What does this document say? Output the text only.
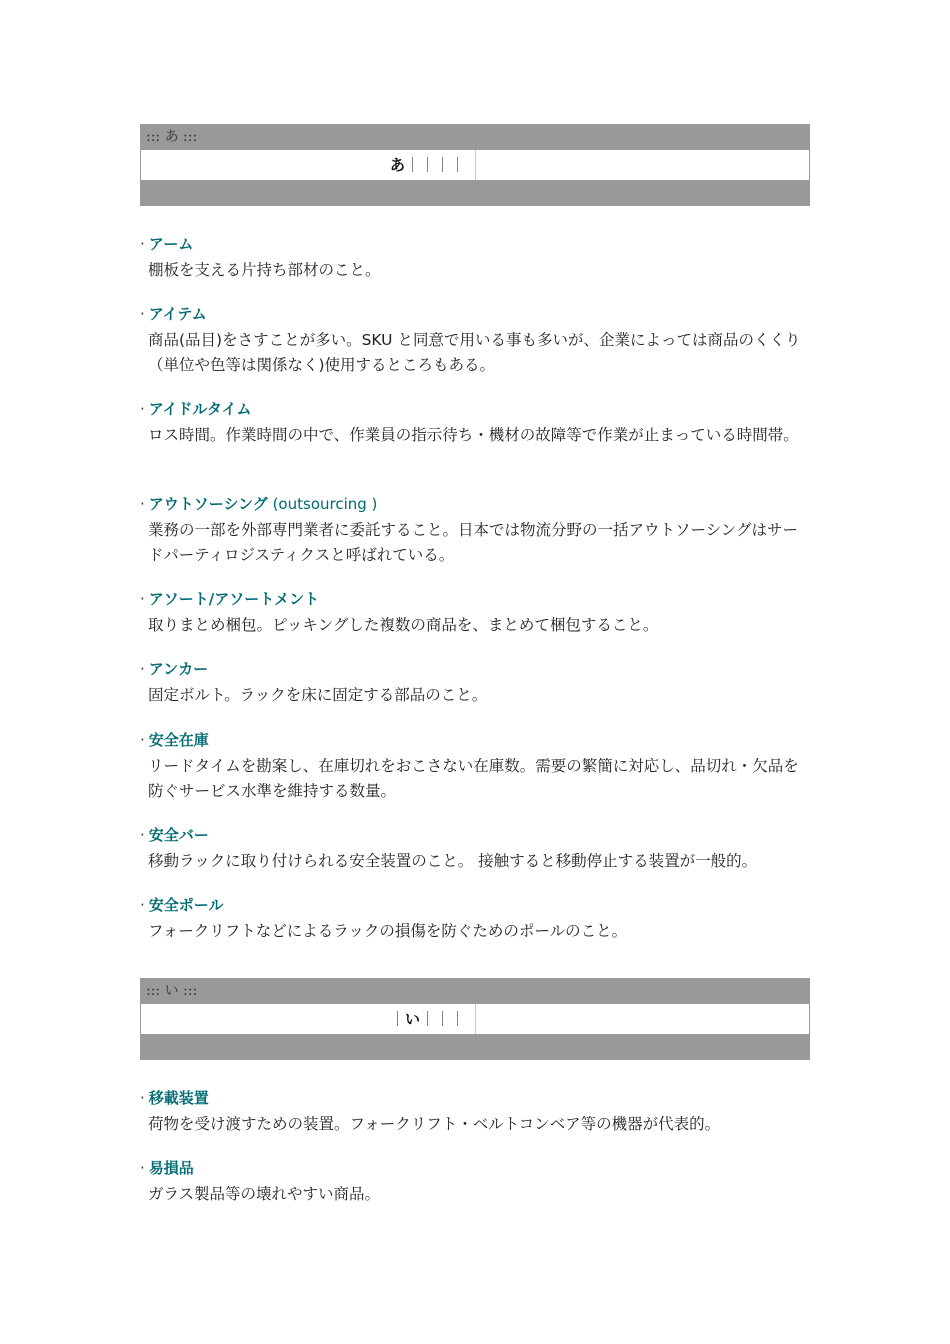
::: あ :::
あ｜｜｜｜
· アーム
棚板を支える片持ち部材のこと。
· アイテム
商品(品目)をさすことが多い。SKU と同意で用いる事も多いが、企業によっては商品のくくり（単位や色等は関係なく)使用するところもある。
· アイドルタイム
ロス時間。作業時間の中で、作業員の指示待ち・機材の故障等で作業が止まっている時間帯。
· アウトソーシング (outsourcing )
業務の一部を外部専門業者に委託すること。日本では物流分野の一括アウトソーシングはサードパーティロジスティクスと呼ばれている。
· アソート/アソートメント
取りまとめ梱包。ピッキングした複数の商品を、まとめて梱包すること。
· アンカー
固定ボルト。ラックを床に固定する部品のこと。
· 安全在庫
リードタイムを勘案し、在庫切れをおこさない在庫数。需要の繁簡に対応し、品切れ・欠品を防ぐサービス水準を維持する数量。
· 安全バー
移動ラックに取り付けられる安全装置のこと。 接触すると移動停止する装置が一般的。
· 安全ポール
フォークリフトなどによるラックの損傷を防ぐためのポールのこと。
::: い :::
｜い｜｜｜
· 移載装置
荷物を受け渡すための装置。フォークリフト・ベルトコンベア等の機器が代表的。
· 易損品
ガラス製品等の壊れやすい商品。
